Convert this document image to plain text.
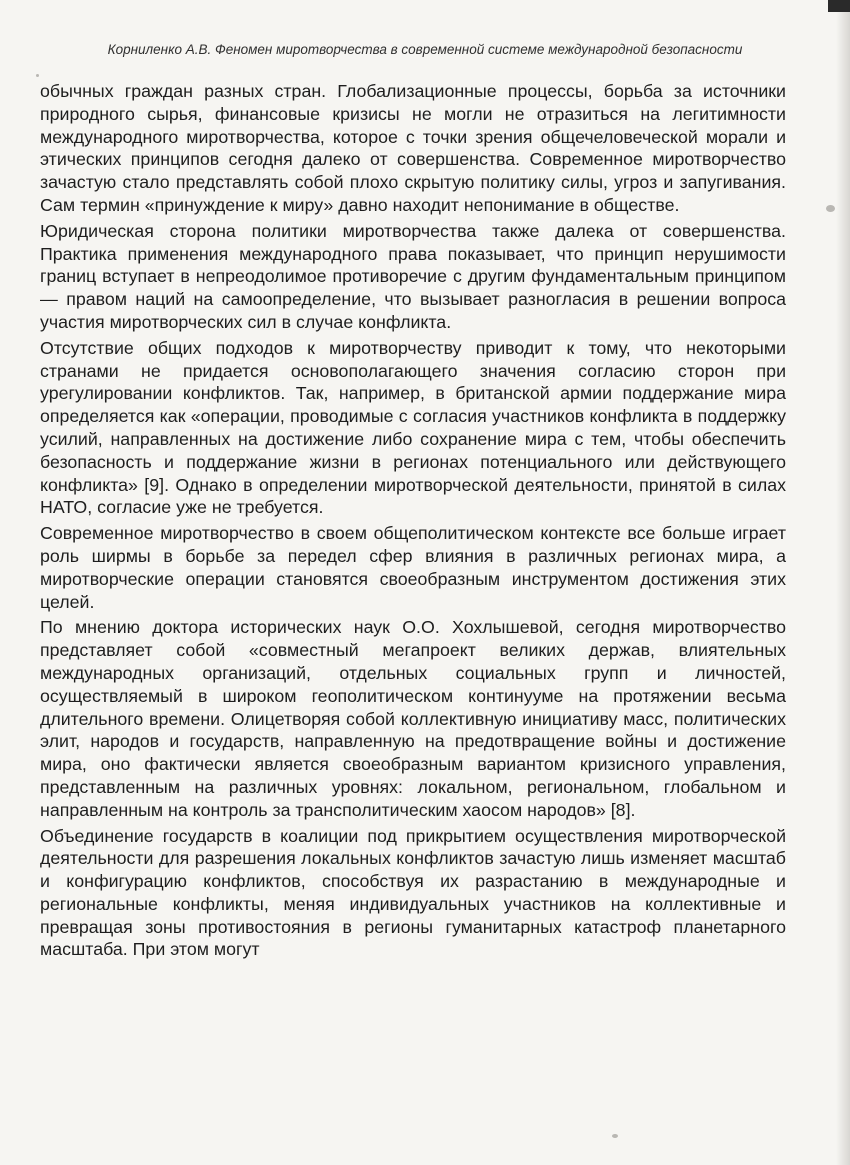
Корниленко А.В. Феномен миротворчества в современной системе международной безопасности

обычных граждан разных стран. Глобализационные процессы, борьба за источники природного сырья, финансовые кризисы не могли не отразиться на легитимности международного миротворчества, которое с точки зрения общечеловеческой морали и этических принципов сегодня далеко от совершенства. Современное миротворчество зачастую стало представлять собой плохо скрытую политику силы, угроз и запугивания. Сам термин «принуждение к миру» давно находит непонимание в обществе.

Юридическая сторона политики миротворчества также далека от совершенства. Практика применения международного права показывает, что принцип нерушимости границ вступает в непреодолимое противоречие с другим фундаментальным принципом — правом наций на самоопределение, что вызывает разногласия в решении вопроса участия миротворческих сил в случае конфликта.

Отсутствие общих подходов к миротворчеству приводит к тому, что некоторыми странами не придается основополагающего значения согласию сторон при урегулировании конфликтов. Так, например, в британской армии поддержание мира определяется как «операции, проводимые с согласия участников конфликта в поддержку усилий, направленных на достижение либо сохранение мира с тем, чтобы обеспечить безопасность и поддержание жизни в регионах потенциального или действующего конфликта» [9]. Однако в определении миротворческой деятельности, принятой в силах НАТО, согласие уже не требуется.

Современное миротворчество в своем общеполитическом контексте все больше играет роль ширмы в борьбе за передел сфер влияния в различных регионах мира, а миротворческие операции становятся своеобразным инструментом достижения этих целей.

По мнению доктора исторических наук О.О. Хохлышевой, сегодня миротворчество представляет собой «совместный мегапроект великих держав, влиятельных международных организаций, отдельных социальных групп и личностей, осуществляемый в широком геополитическом континууме на протяжении весьма длительного времени. Олицетворяя собой коллективную инициативу масс, политических элит, народов и государств, направленную на предотвращение войны и достижение мира, оно фактически является своеобразным вариантом кризисного управления, представленным на различных уровнях: локальном, региональном, глобальном и направленным на контроль за трансполитическим хаосом народов» [8].

Объединение государств в коалиции под прикрытием осуществления миротворческой деятельности для разрешения локальных конфликтов зачастую лишь изменяет масштаб и конфигурацию конфликтов, способствуя их разрастанию в международные и региональные конфликты, меняя индивидуальных участников на коллективные и превращая зоны противостояния в регионы гуманитарных катастроф планетарного масштаба. При этом могут
